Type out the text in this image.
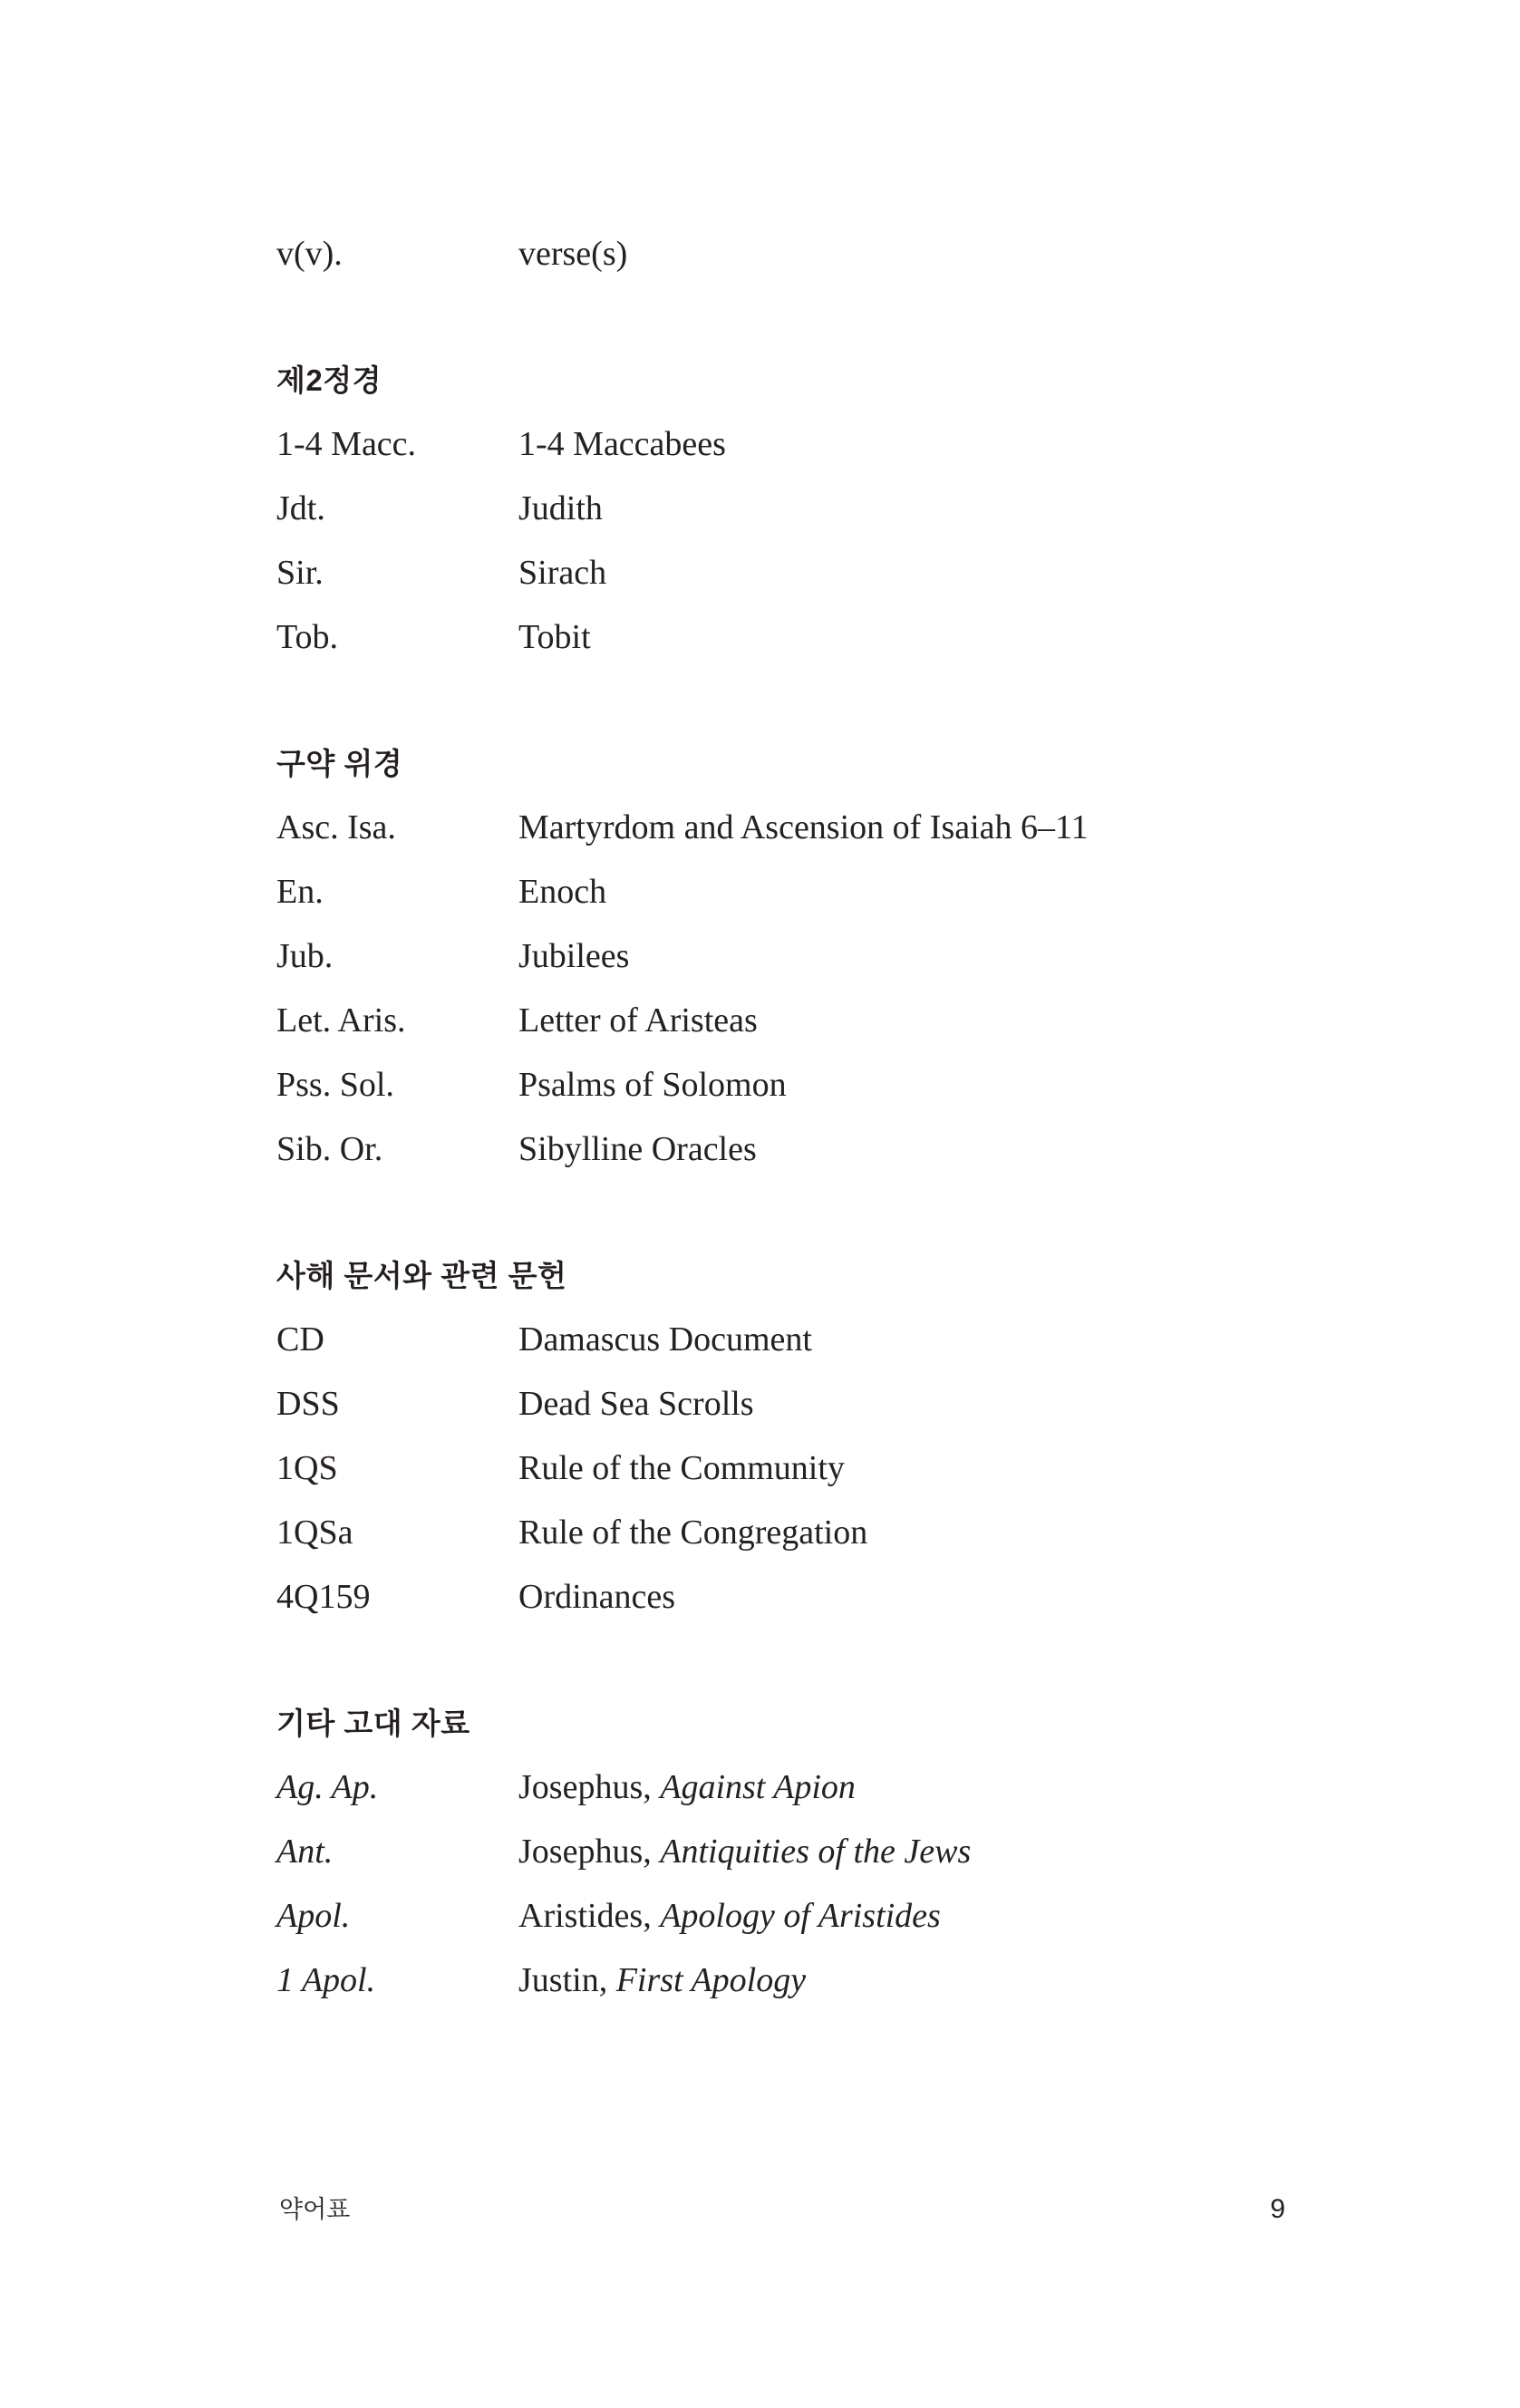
v(v).	verse(s)
제2정경
1-4 Macc.	1-4 Maccabees
Jdt.	Judith
Sir.	Sirach
Tob.	Tobit
구약 위경
Asc. Isa.	Martyrdom and Ascension of Isaiah 6–11
En.	Enoch
Jub.	Jubilees
Let. Aris.	Letter of Aristeas
Pss. Sol.	Psalms of Solomon
Sib. Or.	Sibylline Oracles
사해 문서와 관련 문헌
CD	Damascus Document
DSS	Dead Sea Scrolls
1QS	Rule of the Community
1QSa	Rule of the Congregation
4Q159	Ordinances
기타 고대 자료
Ag. Ap.	Josephus, Against Apion
Ant.	Josephus, Antiquities of the Jews
Apol.	Aristides, Apology of Aristides
1 Apol.	Justin, First Apology
약어표	9
